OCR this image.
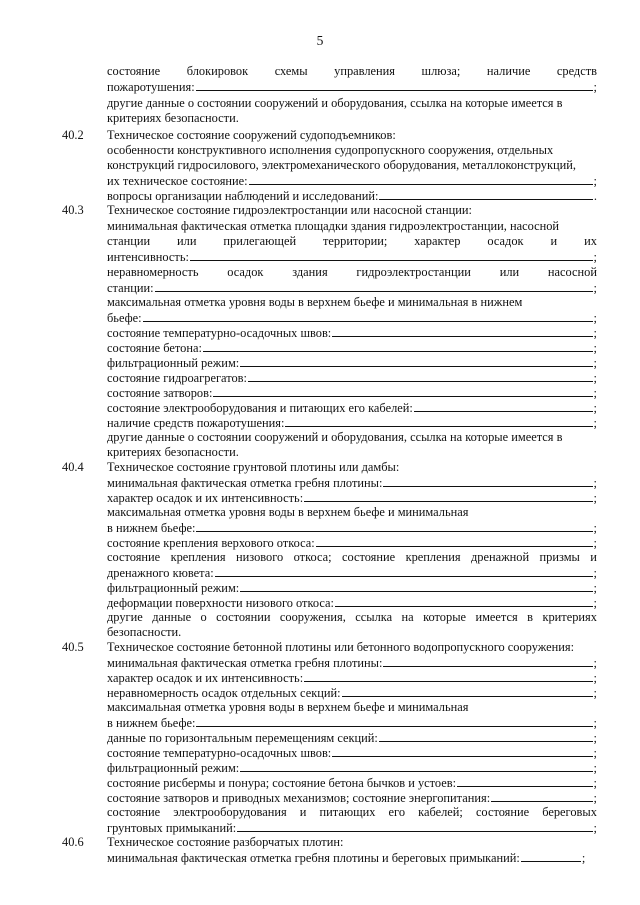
5
состояние блокировок схемы управления шлюза; наличие средств
пожаротушения:	;
другие данные о состоянии сооружений и оборудования, ссылка на которые имеется в
критериях безопасности.
40.2 Техническое состояние сооружений судоподъемников:
особенности конструктивного исполнения судопропускного сооружения, отдельных
конструкций гидросилового, электромеханического оборудования, металлоконструкций,
их техническое состояние:	;
вопросы организации наблюдений и исследований:	.
40.3 Техническое состояние гидроэлектростанции или насосной станции:
минимальная фактическая отметка площадки здания гидроэлектростанции, насосной
станции или прилегающей территории; характер осадок и их
интенсивность:	;
неравномерность осадок здания гидроэлектростанции или насосной
станции:	;
максимальная отметка уровня воды в верхнем бьефе и минимальная в нижнем
бьефе:	;
состояние температурно-осадочных швов:	;
состояние бетона:	;
фильтрационный режим:	;
состояние гидроагрегатов:	;
состояние затворов:	;
состояние электрооборудования и питающих его кабелей:	;
наличие средств пожаротушения:	;
другие данные о состоянии сооружений и оборудования, ссылка на которые имеется в
критериях безопасности.
40.4 Техническое состояние грунтовой плотины или дамбы:
минимальная фактическая отметка гребня плотины:	;
характер осадок и их интенсивность:	;
максимальная отметка уровня воды в верхнем бьефе и минимальная
в нижнем бьефе:	;
состояние крепления верхового откоса:	;
состояние крепления низового откоса; состояние крепления дренажной призмы и
дренажного кювета:	;
фильтрационный режим:	;
деформации поверхности низового откоса:	;
другие данные о состоянии сооружения, ссылка на которые имеется в критериях
безопасности.
40.5 Техническое состояние бетонной плотины или бетонного водопропускного сооружения:
минимальная фактическая отметка гребня плотины:	;
характер осадок и их интенсивность:	;
неравномерность осадок отдельных секций:	;
максимальная отметка уровня воды в верхнем бьефе и минимальная
в нижнем бьефе:	;
данные по горизонтальным перемещениям секций:	;
состояние температурно-осадочных швов:	;
фильтрационный режим:	;
состояние рисбермы и понура; состояние бетона бычков и устоев:	;
состояние затворов и приводных механизмов; состояние энергопитания:	;
состояние электрооборудования и питающих его кабелей; состояние береговых
грунтовых примыканий:	;
40.6 Техническое состояние разборчатых плотин:
минимальная фактическая отметка гребня плотины и береговых примыканий:	;
